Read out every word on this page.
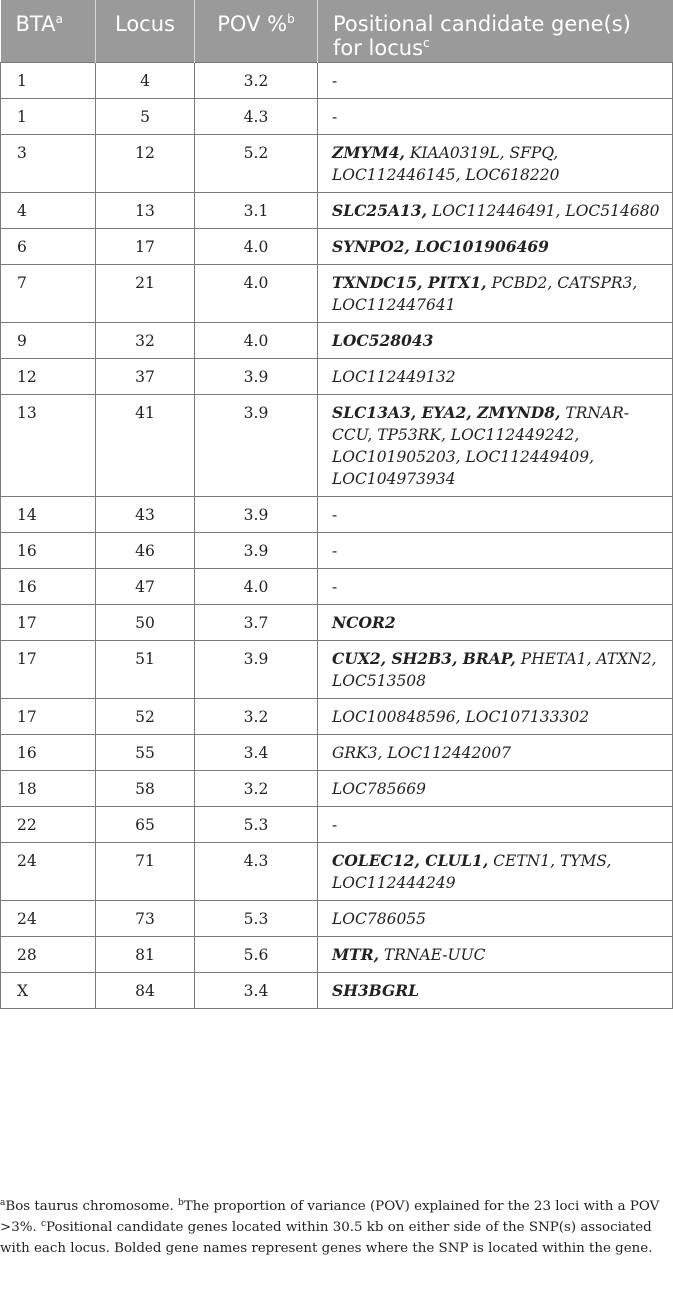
BTA$^a$	Locus	POV %$^b$	Positional candidate gene(s) for locus$^c$
1	4	3.2	-
1	5	4.3	-
3	12	5.2	ZMYM4, KIAA0319L, SFPQ, LOC112446145, LOC618220
4	13	3.1	SLC25A13, LOC112446491, LOC514680
6	17	4.0	SYNPO2, LOC101906469
7	21	4.0	TXNDC15, PITX1, PCBD2, CATSPR3, LOC112447641
9	32	4.0	LOC528043
12	37	3.9	LOC112449132
13	41	3.9	SLC13A3, EYA2, ZMYND8, TRNAR-CCU, TP53RK, LOC112449242, LOC101905203, LOC112449409, LOC104973934
14	43	3.9	-
16	46	3.9	-
16	47	4.0	-
17	50	3.7	NCOR2
17	51	3.9	CUX2, SH2B3, BRAP, PHETA1, ATXN2, LOC513508
17	52	3.2	LOC100848596, LOC107133302
16	55	3.4	GRK3, LOC112442007
18	58	3.2	LOC785669
22	65	5.3	-
24	71	4.3	COLEC12, CLUL1, CETN1, TYMS, LOC112444249
24	73	5.3	LOC786055
28	81	5.6	MTR, TRNAE-UUC
X	84	3.4	SH3BGRL
$^a$Bos taurus chromosome. $^b$The proportion of variance (POV) explained for the 23 loci with a POV >3%. $^c$Positional candidate genes located within 30.5 kb on either side of the SNP(s) associated with each locus. Bolded gene names represent genes where the SNP is located within the gene.
